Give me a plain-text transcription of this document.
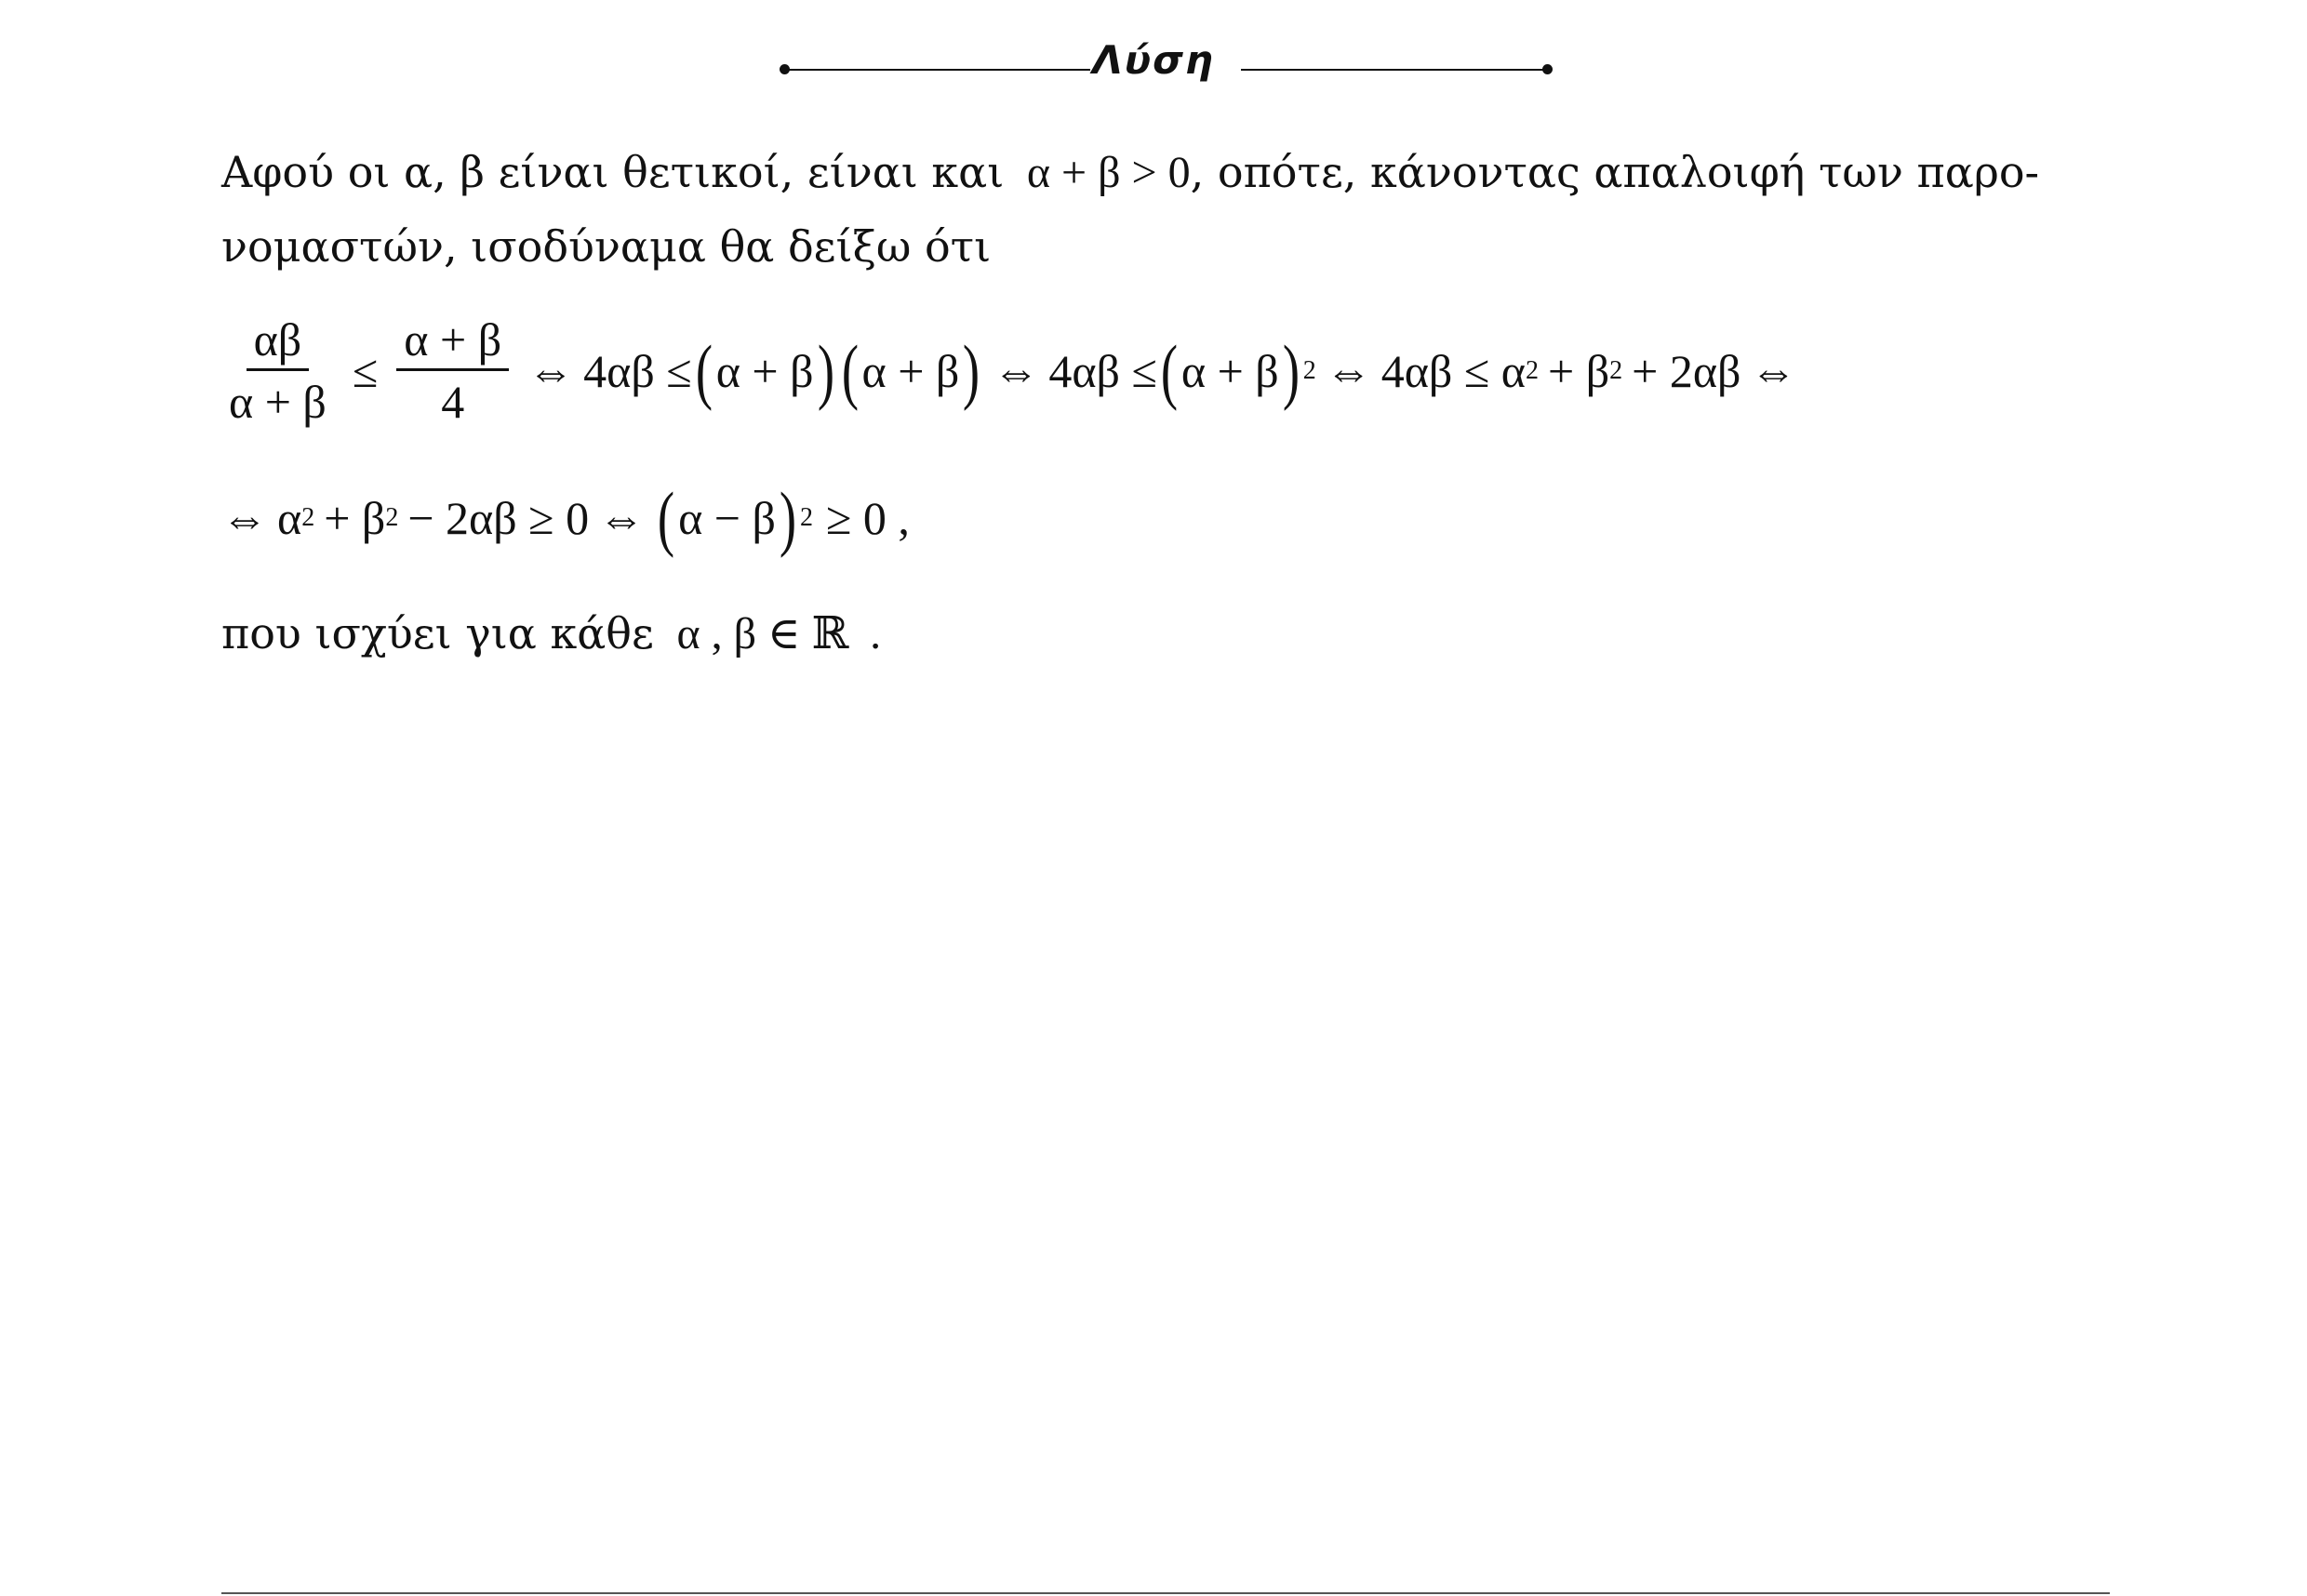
Λύση
Αφού οι α, β είναι θετικοί, είναι και α + β > 0, οπότε, κάνοντας απαλοιφή των παρο-
νομαστών, ισοδύναμα θα δείξω ότι
$\frac{\alpha\beta}{\alpha + \beta} \le \frac{\alpha + \beta}{4}$ ⇔ 4αβ ≤ ( α + β ) ( α + β ) ⇔ 4αβ ≤ ( α + β ) 2 ⇔ 4αβ ≤ α 2 + β 2 + 2αβ ⇔
⇔ α 2 + β 2 − 2αβ ≥ 0 ⇔ ( α − β ) 2 ≥ 0 ,
που ισχύει για κάθε α , β ∈ ℝ .
